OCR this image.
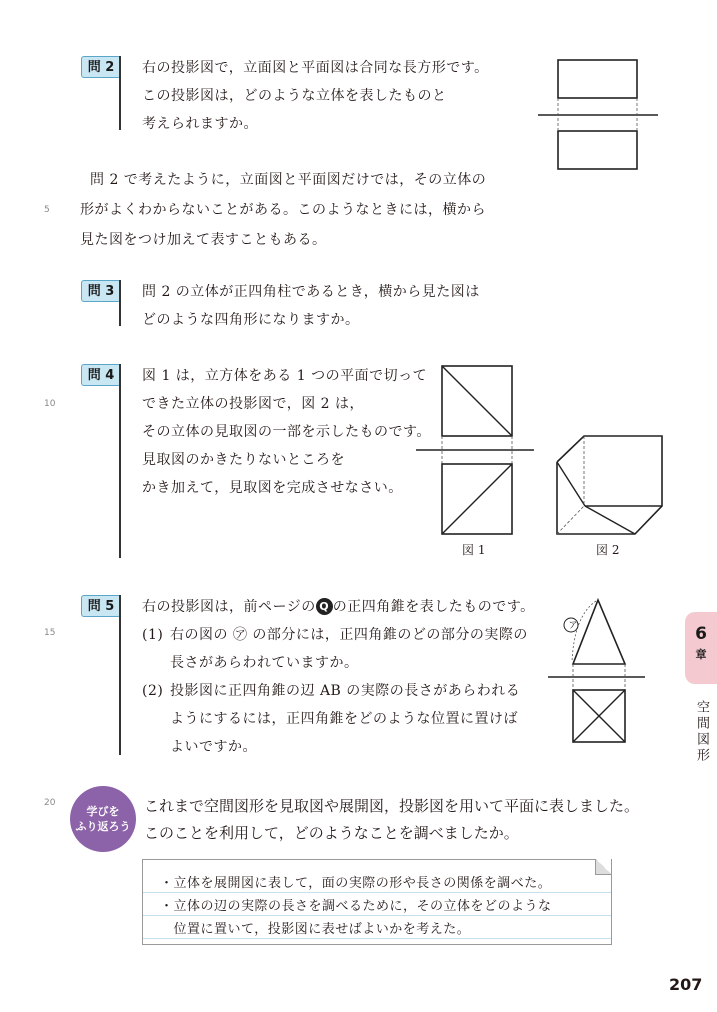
問 2	右の投影図で，立面図と平面図は合同な長方形です。
この投影図は，どのような立体を表したものと
考えられますか。
問 2 で考えたように，立面図と平面図だけでは，その立体の
形がよくわからないことがある。このようなときには，横から
見た図をつけ加えて表すこともある。
5
10
15
20
問 3	問 2 の立体が正四角柱であるとき，横から見た図は
どのような四角形になりますか。
問 4	図 1 は，立方体をある 1 つの平面で切って
できた立体の投影図で，図 2 は，
その立体の見取図の一部を示したものです。
見取図のかきたりないところを
かき加えて，見取図を完成させなさい。
図 1	図 2
問 5	右の投影図は，前ページの Q の正四角錐を表したものです。
(1) 右の図の ㋐ の部分には，正四角錐のどの部分の実際の
長さがあらわれていますか。
(2) 投影図に正四角錐の辺 AB の実際の長さがあらわれる
ようにするには，正四角錐をどのような位置に置けば
よいですか。
ア	6
章
空間図形
学びを
ふり返ろう
これまで空間図形を見取図や展開図，投影図を用いて平面に表しました。
このことを利用して，どのようなことを調べましたか。
・立体を展開図に表して，面の実際の形や長さの関係を調べた。
・立体の辺の実際の長さを調べるために，その立体をどのような
　位置に置いて，投影図に表せばよいかを考えた。
207
